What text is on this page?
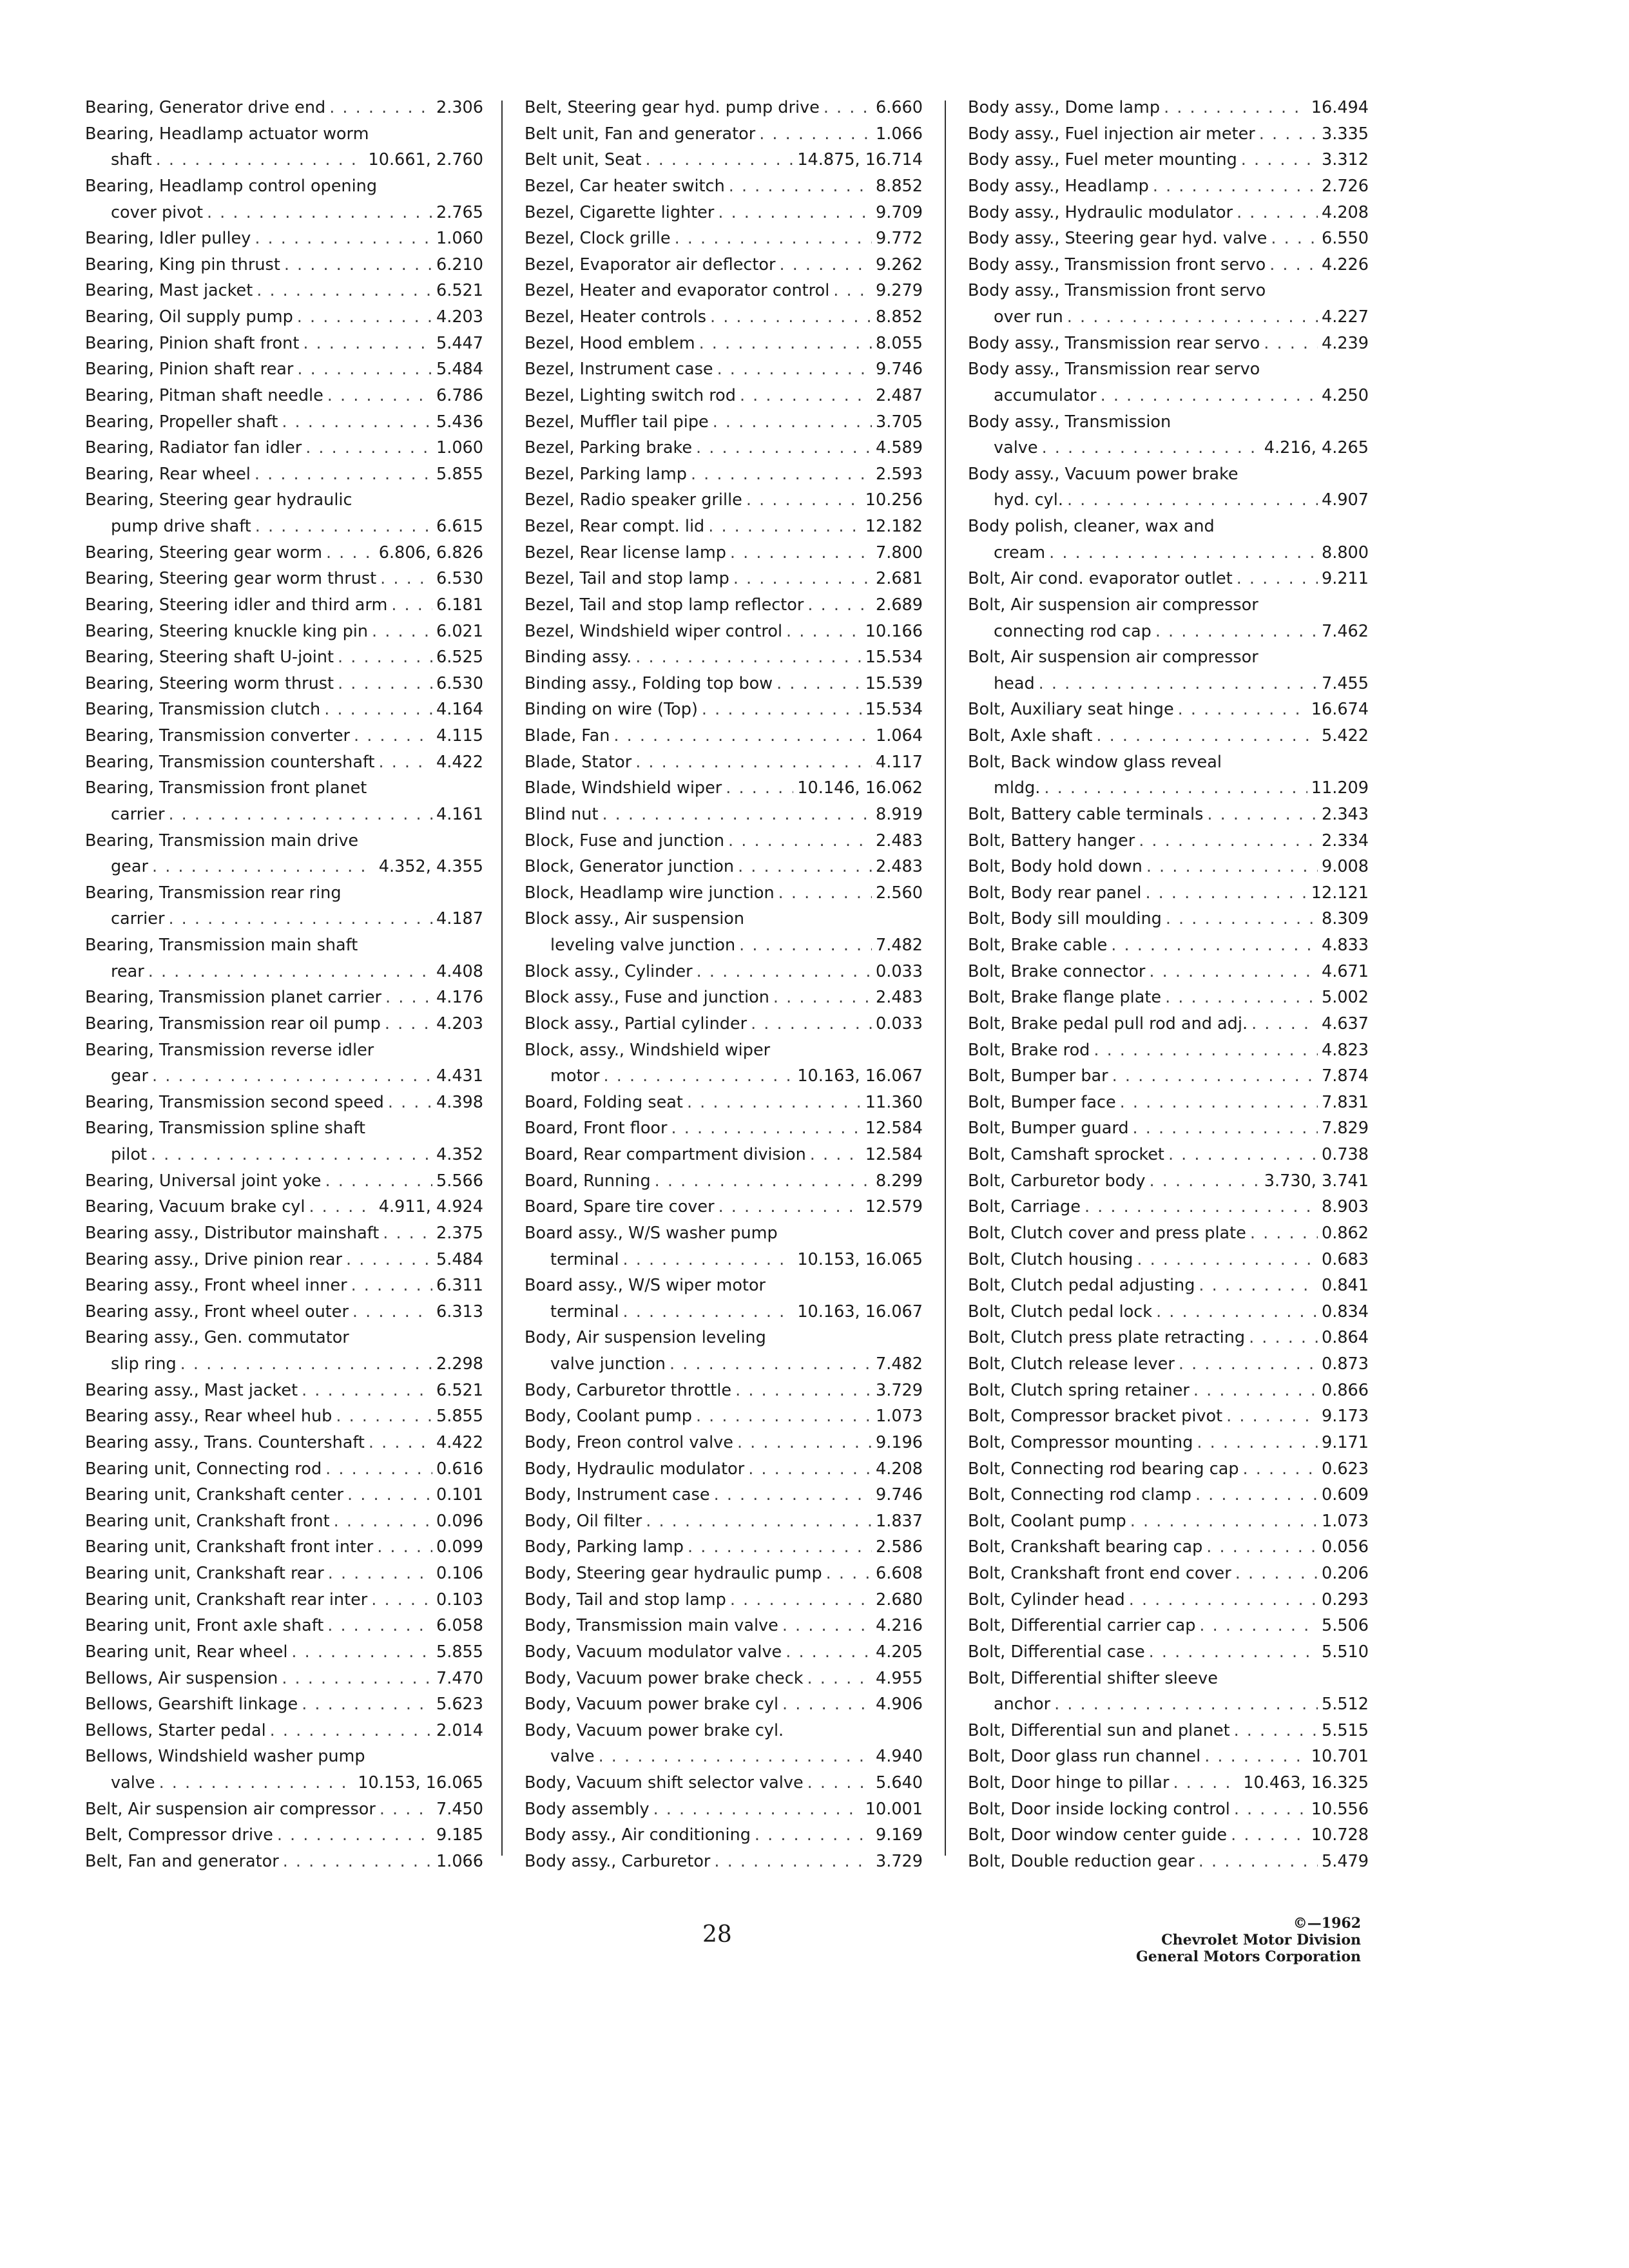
Bearing, Generator drive end . . .	2.306
Bearing, Headlamp actuator worm
shaft . . .	10.661, 2.760
Bearing, Headlamp control opening
cover pivot . . .	2.765
Bearing, Idler pulley . . .	1.060
Bearing, King pin thrust . . .	6.210
Bearing, Mast jacket . . .	6.521
Bearing, Oil supply pump . . .	4.203
Bearing, Pinion shaft front . . .	5.447
Bearing, Pinion shaft rear . . .	5.484
Bearing, Pitman shaft needle . . .	6.786
Bearing, Propeller shaft . . .	5.436
Bearing, Radiator fan idler . . .	1.060
Bearing, Rear wheel . . .	5.855
Bearing, Steering gear hydraulic
pump drive shaft . . .	6.615
Bearing, Steering gear worm . . .	6.806, 6.826
Bearing, Steering gear worm thrust . . .	6.530
Bearing, Steering idler and third arm . . .	6.181
Bearing, Steering knuckle king pin . . .	6.021
Bearing, Steering shaft U-joint . . .	6.525
Bearing, Steering worm thrust . . .	6.530
Bearing, Transmission clutch . . .	4.164
Bearing, Transmission converter . . .	4.115
Bearing, Transmission countershaft . . .	4.422
Bearing, Transmission front planet
carrier . . .	4.161
Bearing, Transmission main drive
gear . . .	4.352, 4.355
Bearing, Transmission rear ring
carrier . . .	4.187
Bearing, Transmission main shaft
rear . . .	4.408
Bearing, Transmission planet carrier . . .	4.176
Bearing, Transmission rear oil pump . . .	4.203
Bearing, Transmission reverse idler
gear . . .	4.431
Bearing, Transmission second speed . . .	4.398
Bearing, Transmission spline shaft
pilot . . .	4.352
Bearing, Universal joint yoke . . .	5.566
Bearing, Vacuum brake cyl . . .	4.911, 4.924
Bearing assy., Distributor mainshaft . . .	2.375
Bearing assy., Drive pinion rear . . .	5.484
Bearing assy., Front wheel inner . . .	6.311
Bearing assy., Front wheel outer . . .	6.313
Bearing assy., Gen. commutator
slip ring . . .	2.298
Bearing assy., Mast jacket . . .	6.521
Bearing assy., Rear wheel hub . . .	5.855
Bearing assy., Trans. Countershaft . . .	4.422
Bearing unit, Connecting rod . . .	0.616
Bearing unit, Crankshaft center . . .	0.101
Bearing unit, Crankshaft front . . .	0.096
Bearing unit, Crankshaft front inter . . .	0.099
Bearing unit, Crankshaft rear . . .	0.106
Bearing unit, Crankshaft rear inter . . .	0.103
Bearing unit, Front axle shaft . . .	6.058
Bearing unit, Rear wheel . . .	5.855
Bellows, Air suspension . . .	7.470
Bellows, Gearshift linkage . . .	5.623
Bellows, Starter pedal . . .	2.014
Bellows, Windshield washer pump
valve . . .	10.153, 16.065
Belt, Air suspension air compressor . . .	7.450
Belt, Compressor drive . . .	9.185
Belt, Fan and generator . . .	1.066
Belt, Steering gear hyd. pump drive . . .	6.660
Belt unit, Fan and generator . . .	1.066
Belt unit, Seat . . .	14.875, 16.714
Bezel, Car heater switch . . .	8.852
Bezel, Cigarette lighter . . .	9.709
Bezel, Clock grille . . .	9.772
Bezel, Evaporator air deflector . . .	9.262
Bezel, Heater and evaporator control . . .	9.279
Bezel, Heater controls . . .	8.852
Bezel, Hood emblem . . .	8.055
Bezel, Instrument case . . .	9.746
Bezel, Lighting switch rod . . .	2.487
Bezel, Muffler tail pipe . . .	3.705
Bezel, Parking brake . . .	4.589
Bezel, Parking lamp . . .	2.593
Bezel, Radio speaker grille . . .	10.256
Bezel, Rear compt. lid . . .	12.182
Bezel, Rear license lamp . . .	7.800
Bezel, Tail and stop lamp . . .	2.681
Bezel, Tail and stop lamp reflector . . .	2.689
Bezel, Windshield wiper control . . .	10.166
Binding assy. . . .	15.534
Binding assy., Folding top bow . . .	15.539
Binding on wire (Top) . . .	15.534
Blade, Fan . . .	1.064
Blade, Stator . . .	4.117
Blade, Windshield wiper . . .	10.146, 16.062
Blind nut . . .	8.919
Block, Fuse and junction . . .	2.483
Block, Generator junction . . .	2.483
Block, Headlamp wire junction . . .	2.560
Block assy., Air suspension
leveling valve junction . . .	7.482
Block assy., Cylinder . . .	0.033
Block assy., Fuse and junction . . .	2.483
Block assy., Partial cylinder . . .	0.033
Block, assy., Windshield wiper
motor . . .	10.163, 16.067
Board, Folding seat . . .	11.360
Board, Front floor . . .	12.584
Board, Rear compartment division . . .	12.584
Board, Running . . .	8.299
Board, Spare tire cover . . .	12.579
Board assy., W/S washer pump
terminal . . .	10.153, 16.065
Board assy., W/S wiper motor
terminal . . .	10.163, 16.067
Body, Air suspension leveling
valve junction . . .	7.482
Body, Carburetor throttle . . .	3.729
Body, Coolant pump . . .	1.073
Body, Freon control valve . . .	9.196
Body, Hydraulic modulator . . .	4.208
Body, Instrument case . . .	9.746
Body, Oil filter . . .	1.837
Body, Parking lamp . . .	2.586
Body, Steering gear hydraulic pump . . .	6.608
Body, Tail and stop lamp . . .	2.680
Body, Transmission main valve . . .	4.216
Body, Vacuum modulator valve . . .	4.205
Body, Vacuum power brake check . . .	4.955
Body, Vacuum power brake cyl . . .	4.906
Body, Vacuum power brake cyl.
valve . . .	4.940
Body, Vacuum shift selector valve . . .	5.640
Body assembly . . .	10.001
Body assy., Air conditioning . . .	9.169
Body assy., Carburetor . . .	3.729
Body assy., Dome lamp . . .	16.494
Body assy., Fuel injection air meter . . .	3.335
Body assy., Fuel meter mounting . . .	3.312
Body assy., Headlamp . . .	2.726
Body assy., Hydraulic modulator . . .	4.208
Body assy., Steering gear hyd. valve . . .	6.550
Body assy., Transmission front servo . . .	4.226
Body assy., Transmission front servo
over run . . .	4.227
Body assy., Transmission rear servo . . .	4.239
Body assy., Transmission rear servo
accumulator . . .	4.250
Body assy., Transmission
valve . . .	4.216, 4.265
Body assy., Vacuum power brake
hyd. cyl. . . .	4.907
Body polish, cleaner, wax and
cream . . .	8.800
Bolt, Air cond. evaporator outlet . . .	9.211
Bolt, Air suspension air compressor
connecting rod cap . . .	7.462
Bolt, Air suspension air compressor
head . . .	7.455
Bolt, Auxiliary seat hinge . . .	16.674
Bolt, Axle shaft . . .	5.422
Bolt, Back window glass reveal
mldg. . . .	11.209
Bolt, Battery cable terminals . . .	2.343
Bolt, Battery hanger . . .	2.334
Bolt, Body hold down . . .	9.008
Bolt, Body rear panel . . .	12.121
Bolt, Body sill moulding . . .	8.309
Bolt, Brake cable . . .	4.833
Bolt, Brake connector . . .	4.671
Bolt, Brake flange plate . . .	5.002
Bolt, Brake pedal pull rod and adj. . . .	4.637
Bolt, Brake rod . . .	4.823
Bolt, Bumper bar . . .	7.874
Bolt, Bumper face . . .	7.831
Bolt, Bumper guard . . .	7.829
Bolt, Camshaft sprocket . . .	0.738
Bolt, Carburetor body . . .	3.730, 3.741
Bolt, Carriage . . .	8.903
Bolt, Clutch cover and press plate . . .	0.862
Bolt, Clutch housing . . .	0.683
Bolt, Clutch pedal adjusting . . .	0.841
Bolt, Clutch pedal lock . . .	0.834
Bolt, Clutch press plate retracting . . .	0.864
Bolt, Clutch release lever . . .	0.873
Bolt, Clutch spring retainer . . .	0.866
Bolt, Compressor bracket pivot . . .	9.173
Bolt, Compressor mounting . . .	9.171
Bolt, Connecting rod bearing cap . . .	0.623
Bolt, Connecting rod clamp . . .	0.609
Bolt, Coolant pump . . .	1.073
Bolt, Crankshaft bearing cap . . .	0.056
Bolt, Crankshaft front end cover . . .	0.206
Bolt, Cylinder head . . .	0.293
Bolt, Differential carrier cap . . .	5.506
Bolt, Differential case . . .	5.510
Bolt, Differential shifter sleeve
anchor . . .	5.512
Bolt, Differential sun and planet . . .	5.515
Bolt, Door glass run channel . . .	10.701
Bolt, Door hinge to pillar . . .	10.463, 16.325
Bolt, Door inside locking control . . .	10.556
Bolt, Door window center guide . . .	10.728
Bolt, Double reduction gear . . .	5.479
28	©—1962
Chevrolet Motor Division
General Motors Corporation
